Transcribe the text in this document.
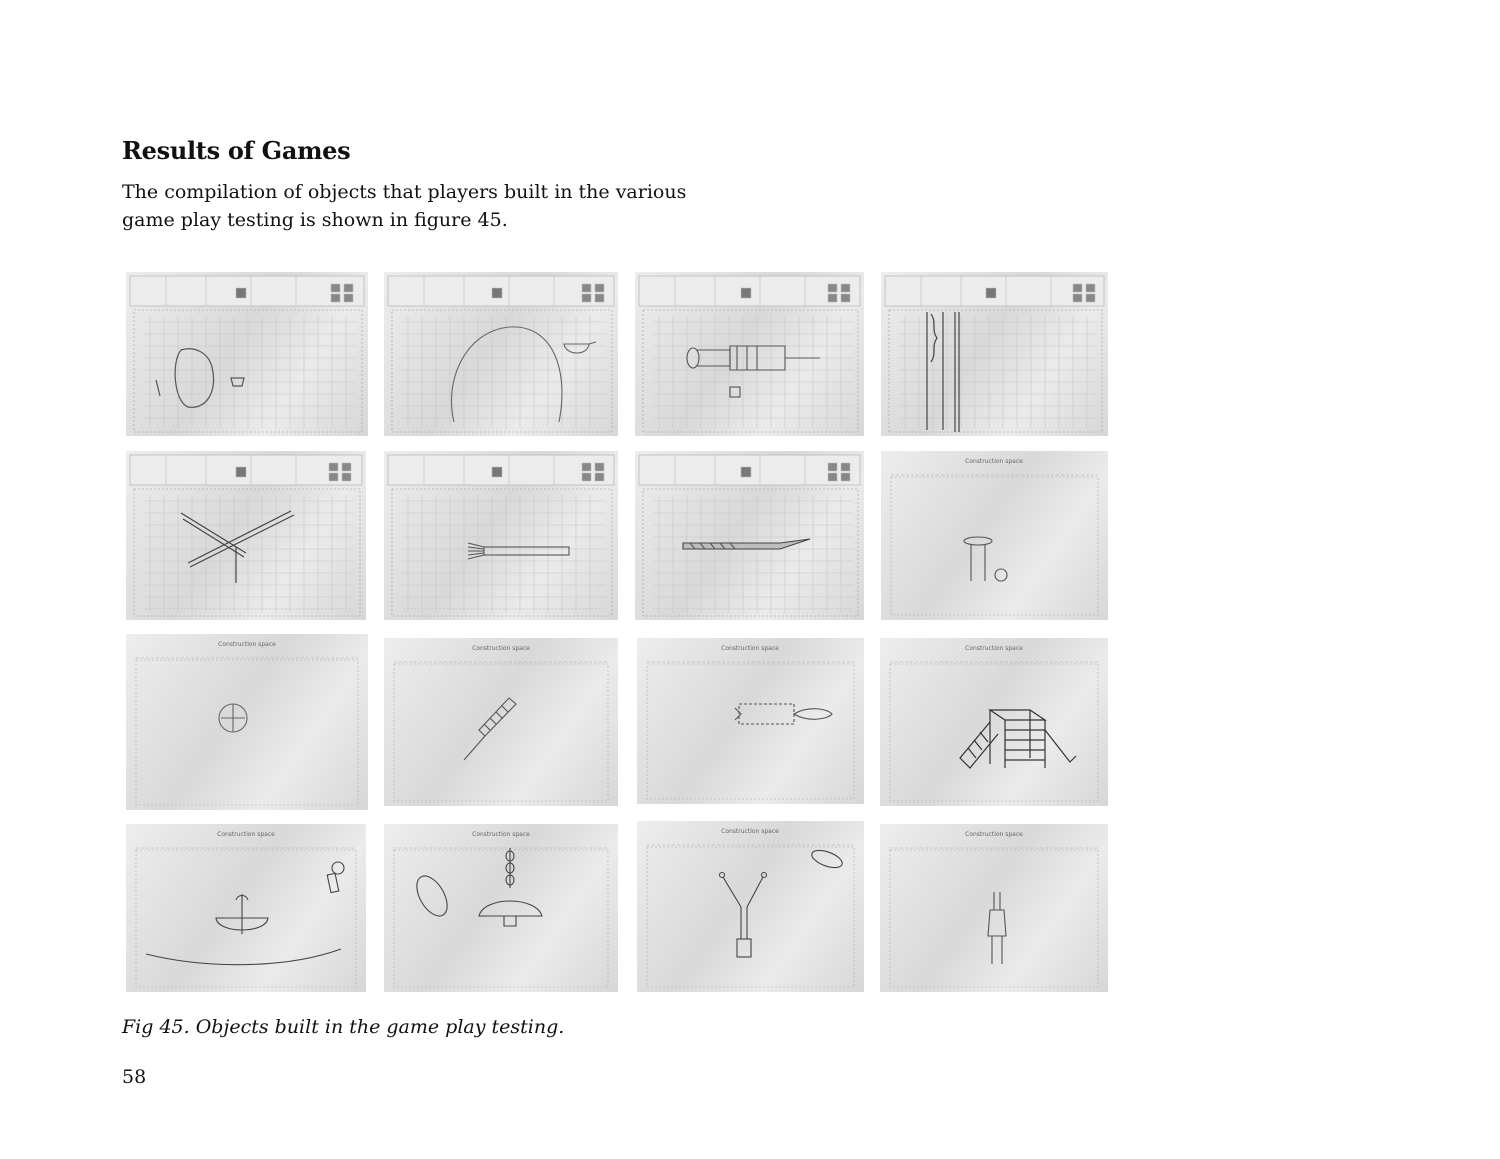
Results of Games

The compilation of objects that players built in the various game play testing is shown in figure 45.

Construction space
Construction space
Construction space	Construction space	Construction space
Construction space	Construction space	Construction space	Construction space

Fig 45. Objects built in the game play testing.

58
